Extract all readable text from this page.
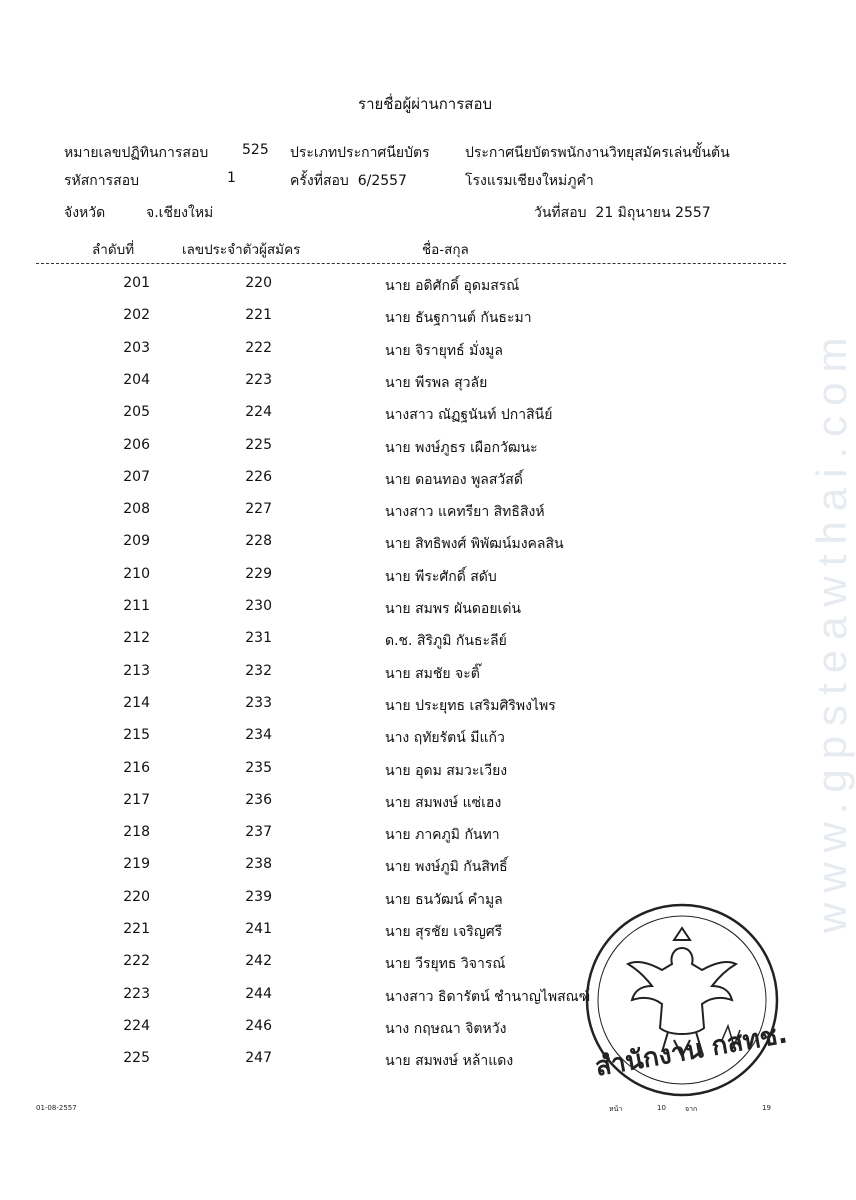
รายชื่อผู้ผ่านการสอบ
หมายเลขปฏิทินการสอบ 525 ประเภทประกาศนียบัตร	ประกาศนียบัตรพนักงานวิทยุสมัครเล่นขั้นต้น
รหัสการสอบ	1	ครั้งที่สอบ 6/2557	โรงแรมเชียงใหม่ภูคำ
จังหวัด	จ.เชียงใหม่	วันที่สอบ 21 มิถุนายน 2557
ลำดับที่	เลขประจำตัวผู้สมัคร	ชื่อ-สกุล
201	220	นาย อดิศักดิ์ อุดมสรณ์
202	221	นาย ธันฐกานต์ กันธะมา
203	222	นาย จิรายุทธ์ มั่งมูล
204	223	นาย พีรพล สุวลัย
205	224	นางสาว ณัฏฐนันท์ ปกาสินีย์
206	225	นาย พงษ์ภูธร เผือกวัฒนะ
207	226	นาย ดอนทอง พูลสวัสดิ์
208	227	นางสาว แคทรียา สิทธิสิงห์
209	228	นาย สิทธิพงศ์ พิพัฒน์มงคลสิน
210	229	นาย พีระศักดิ์ สดับ
211	230	นาย สมพร ผันดอยเด่น
212	231	ด.ช. สิริภูมิ กันธะลีย์
213	232	นาย สมชัย จะติ๊
214	233	นาย ประยุทธ เสริมศิริพงไพร
215	234	นาง ฤทัยรัตน์ มีแก้ว
216	235	นาย อุดม สมวะเวียง
217	236	นาย สมพงษ์ แซ่เฮง
218	237	นาย ภาคภูมิ กันทา
219	238	นาย พงษ์ภูมิ กันสิทธิ์
220	239	นาย ธนวัฒน์ คำมูล
221	241	นาย สุรชัย เจริญศรี
222	242	นาย วีรยุทธ วิจารณ์
223	244	นางสาว ธิดารัตน์ ชำนาญไพสณฑ์
224	246	นาง กฤษณา จิตหวัง
225	247	นาย สมพงษ์ หล้าแดง
www.gpsteawthai.com
สำนักงาน กสทช.
01-08-2557	หน้า	10	จาก	19
